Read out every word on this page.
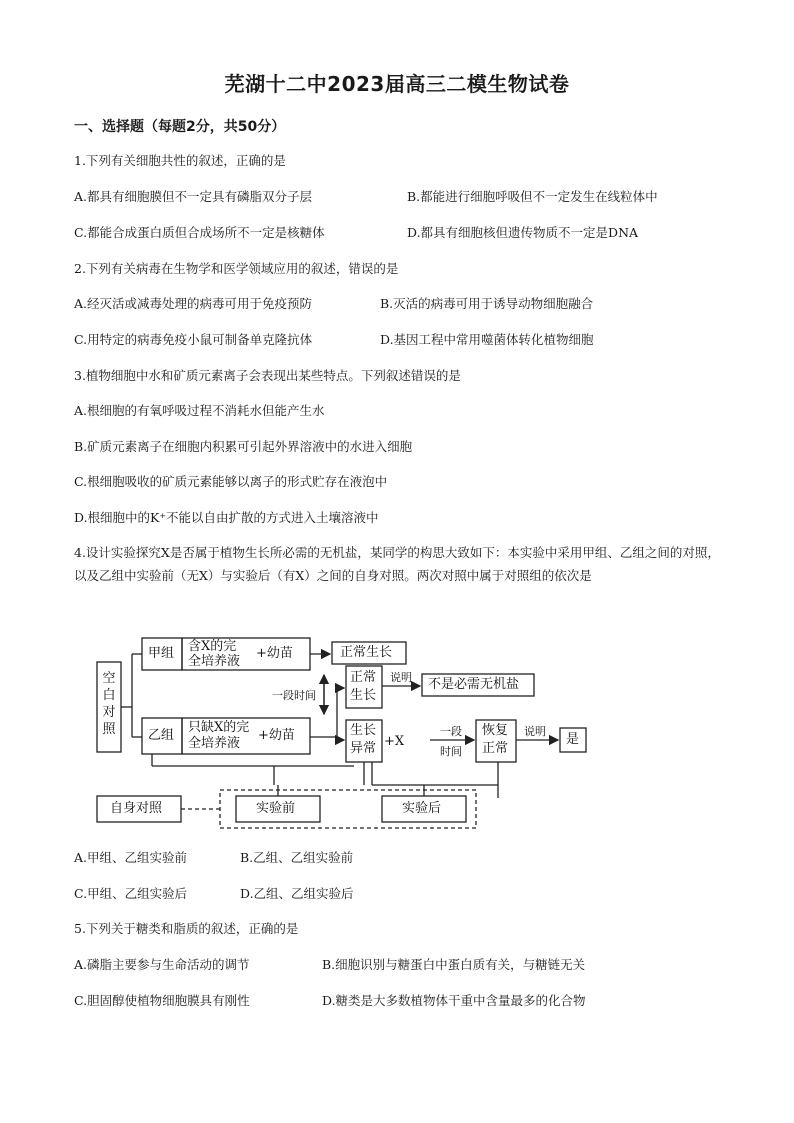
芜湖十二中2023届高三二模生物试卷
一、选择题（每题2分，共50分）
1.下列有关细胞共性的叙述，正确的是
A.都具有细胞膜但不一定具有磷脂双分子层	B.都能进行细胞呼吸但不一定发生在线粒体中
C.都能合成蛋白质但合成场所不一定是核糖体	D.都具有细胞核但遗传物质不一定是DNA
2.下列有关病毒在生物学和医学领域应用的叙述，错误的是
A.经灭活或减毒处理的病毒可用于免疫预防	B.灭活的病毒可用于诱导动物细胞融合
C.用特定的病毒免疫小鼠可制备单克隆抗体	D.基因工程中常用噬菌体转化植物细胞
3.植物细胞中水和矿质元素离子会表现出某些特点。下列叙述错误的是
A.根细胞的有氧呼吸过程不消耗水但能产生水
B.矿质元素离子在细胞内积累可引起外界溶液中的水进入细胞
C.根细胞吸收的矿质元素能够以离子的形式贮存在液泡中
D.根细胞中的K⁺不能以自由扩散的方式进入土壤溶液中
4.设计实验探究X是否属于植物生长所必需的无机盐，某同学的构思大致如下：本实验中采用甲组、乙组之间的对照，以及乙组中实验前（无X）与实验后（有X）之间的自身对照。两次对照中属于对照组的依次是
空白对照
甲组 含X的完
全培养液
+幼苗	正常生长
一段时间
正常
生长
说明 不是必需无机盐
乙组
只缺X的完
全培养液
+幼苗	生长
异常 +X
一段
时间
恢复
正常
说明
是
自身对照	实验前	实验后
A.甲组、乙组实验前	B.乙组、乙组实验前
C.甲组、乙组实验后	D.乙组、乙组实验后
5.下列关于糖类和脂质的叙述，正确的是
A.磷脂主要参与生命活动的调节	B.细胞识别与糖蛋白中蛋白质有关，与糖链无关
C.胆固醇使植物细胞膜具有刚性	D.糖类是大多数植物体干重中含量最多的化合物
